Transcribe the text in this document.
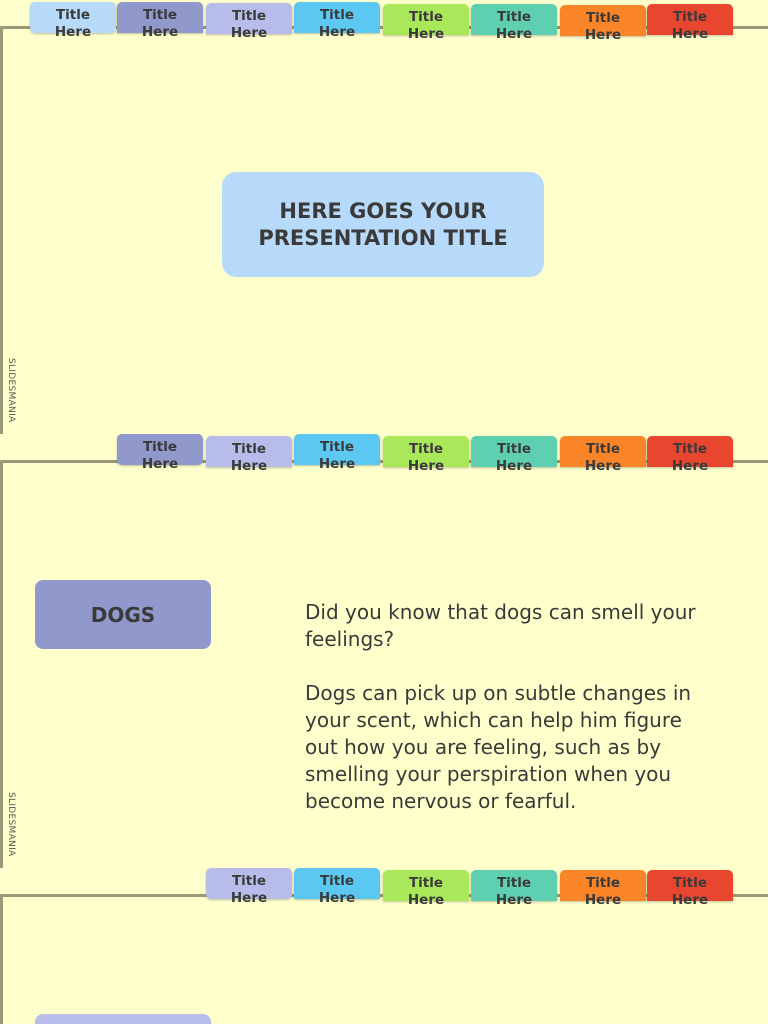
Title
Here
Title
Here
Title
Here
Title
Here
Title
Here
Title
Here
Title
Here
Title
Here
HERE GOES YOUR
PRESENTATION TITLE
SLIDESMANIA
Title
Here
Title
Here
Title
Here
Title
Here
Title
Here
Title
Here
Title
Here
DOGS	Did you know that dogs can smell your feelings?

Dogs can pick up on subtle changes in your scent, which can help him figure out how you are feeling, such as by smelling your perspiration when you become nervous or fearful.

SLIDESMANIA
Title
Here
Title
Here
Title
Here
Title
Here
Title
Here
Title
Here
